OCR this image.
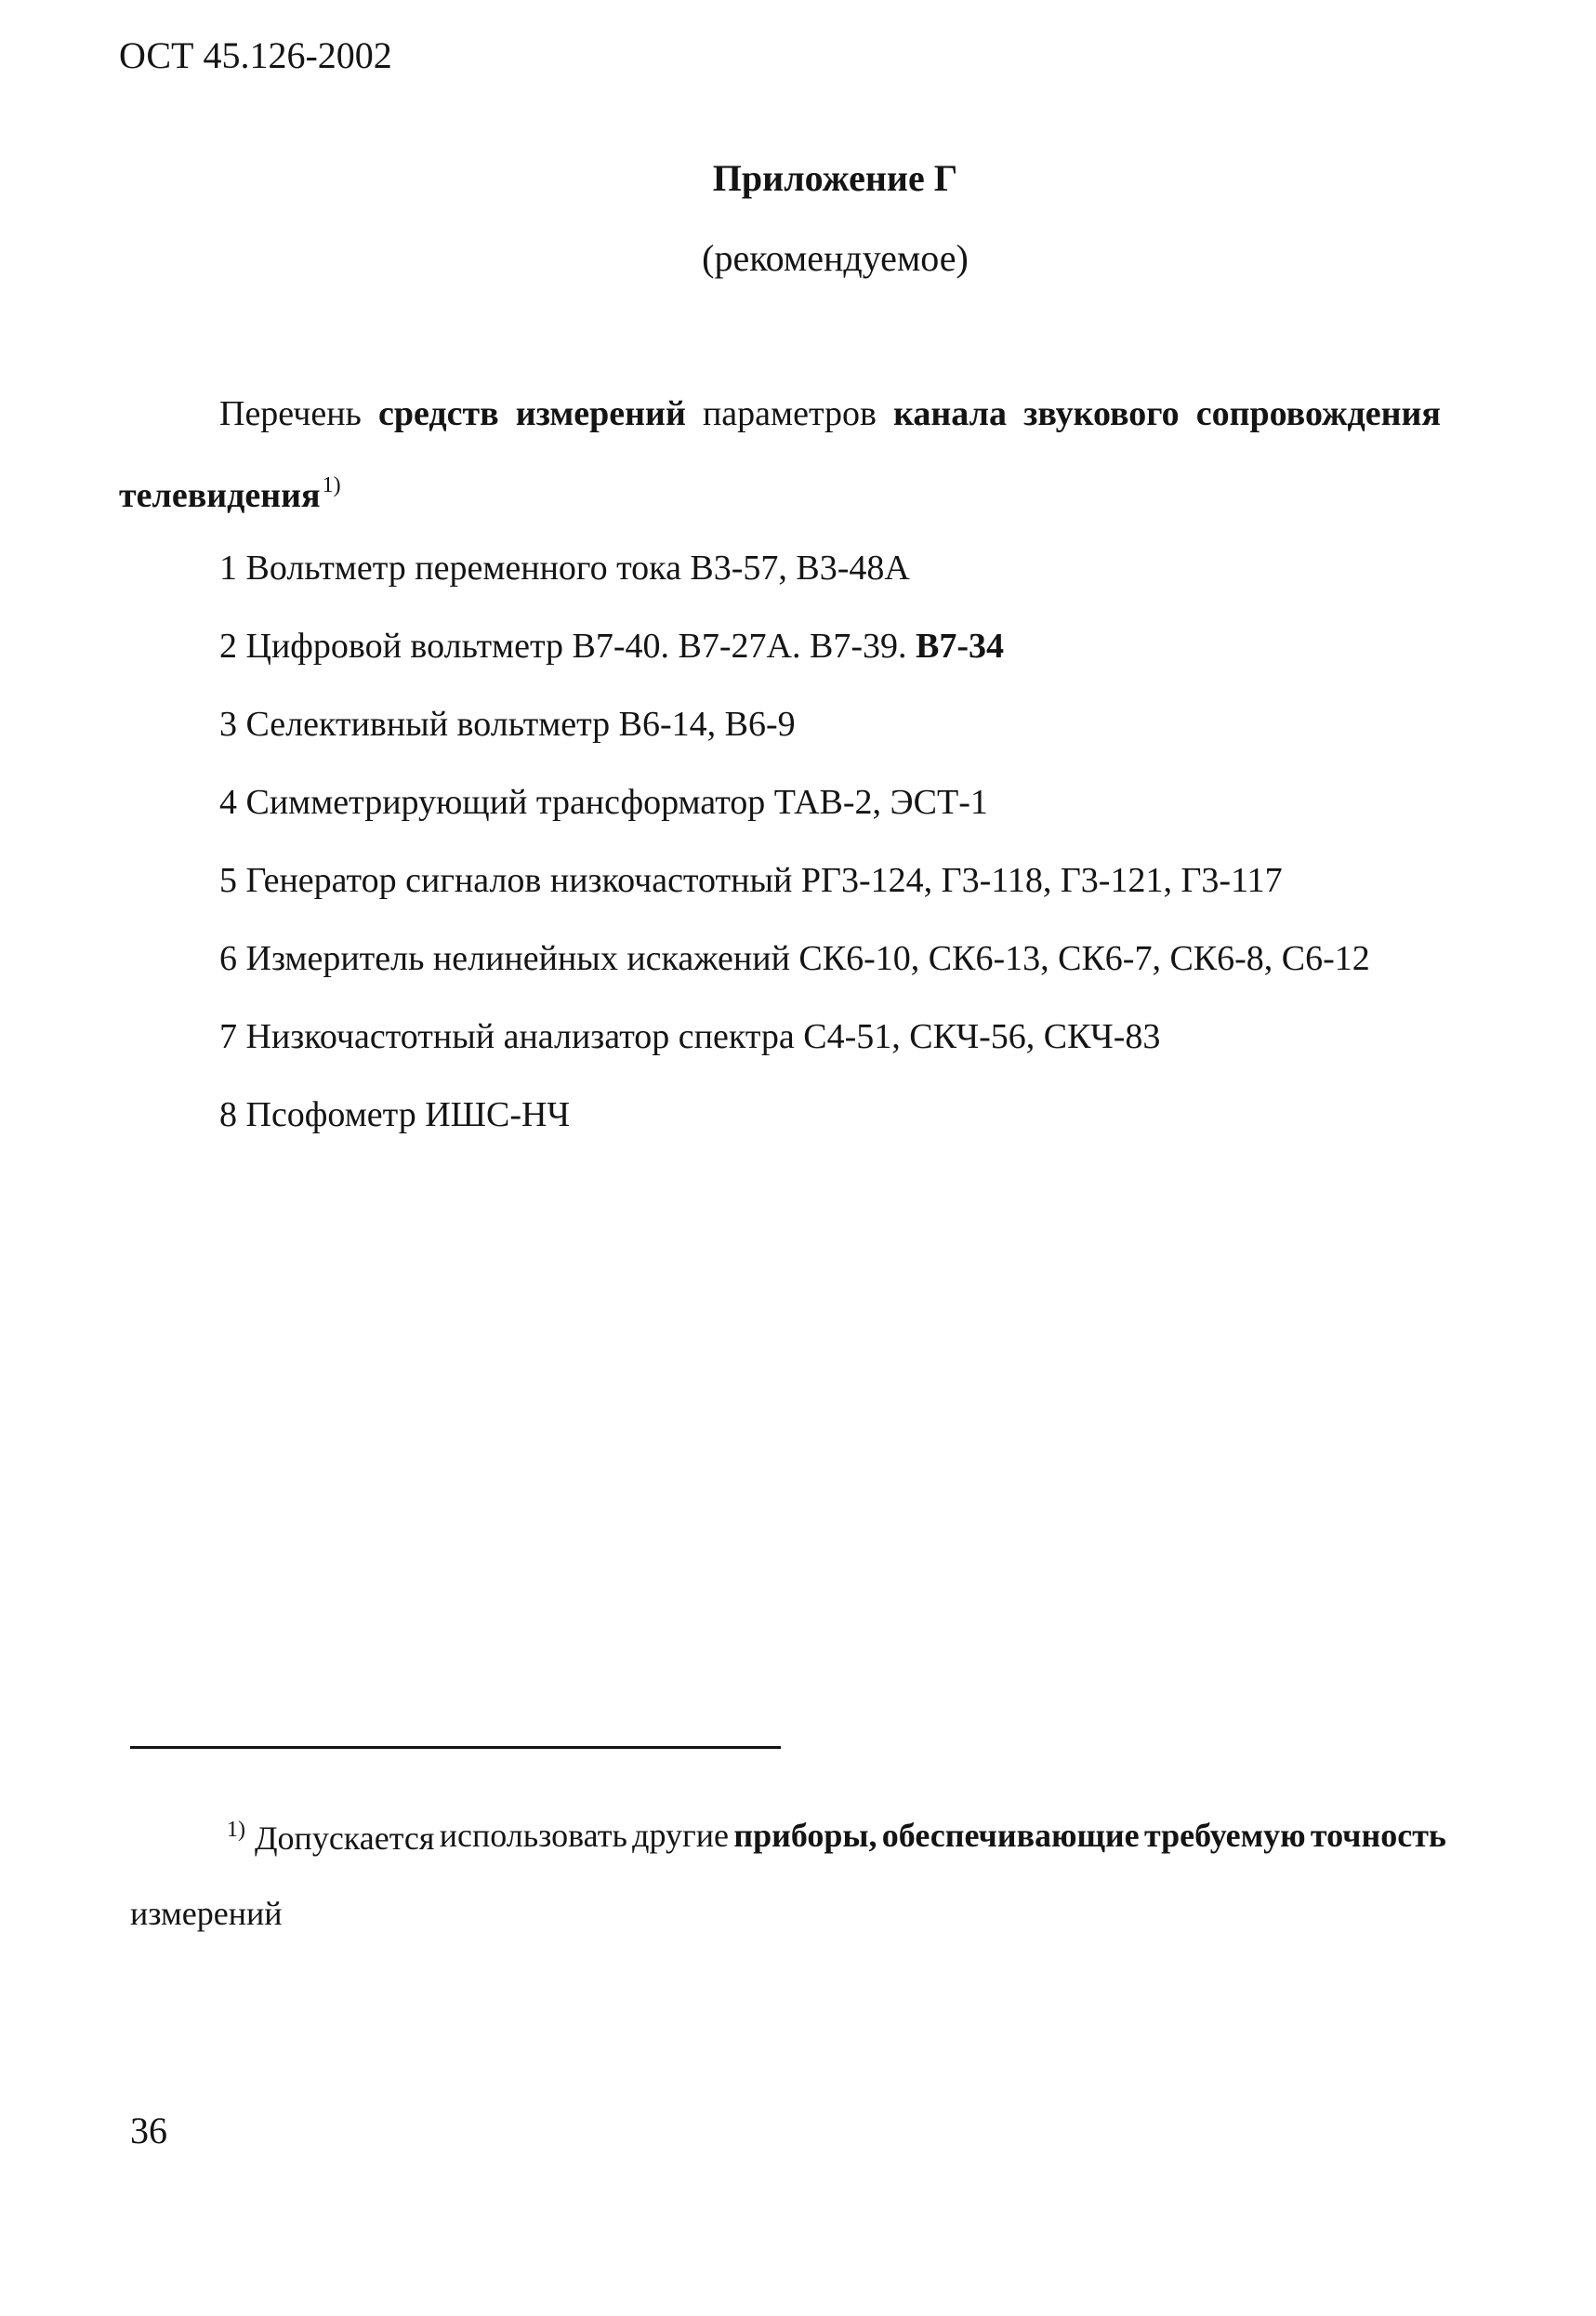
ОСТ 45.126-2002
Приложение Г
(рекомендуемое)
Перечень средств измерений параметров канала звукового сопровождения
телевидения$^{1)}$
1 Вольтметр переменного тока В3-57, В3-48А
2 Цифровой вольтметр В7-40. В7-27А. В7-39. В7-34
3 Селективный вольтметр В6-14, В6-9
4 Симметрирующий трансформатор ТАВ-2, ЭСТ-1
5 Генератор сигналов низкочастотный РГ3-124, Г3-118, Г3-121, Г3-117
6 Измеритель нелинейных искажений СК6-10, СК6-13, СК6-7, СК6-8, С6-12
7 Низкочастотный анализатор спектра С4-51, СКЧ-56, СКЧ-83
8 Псофометр ИШС-НЧ
$^{1)}$ Допускается использовать другие приборы, обеспечивающие требуемую точность
измерений
36
